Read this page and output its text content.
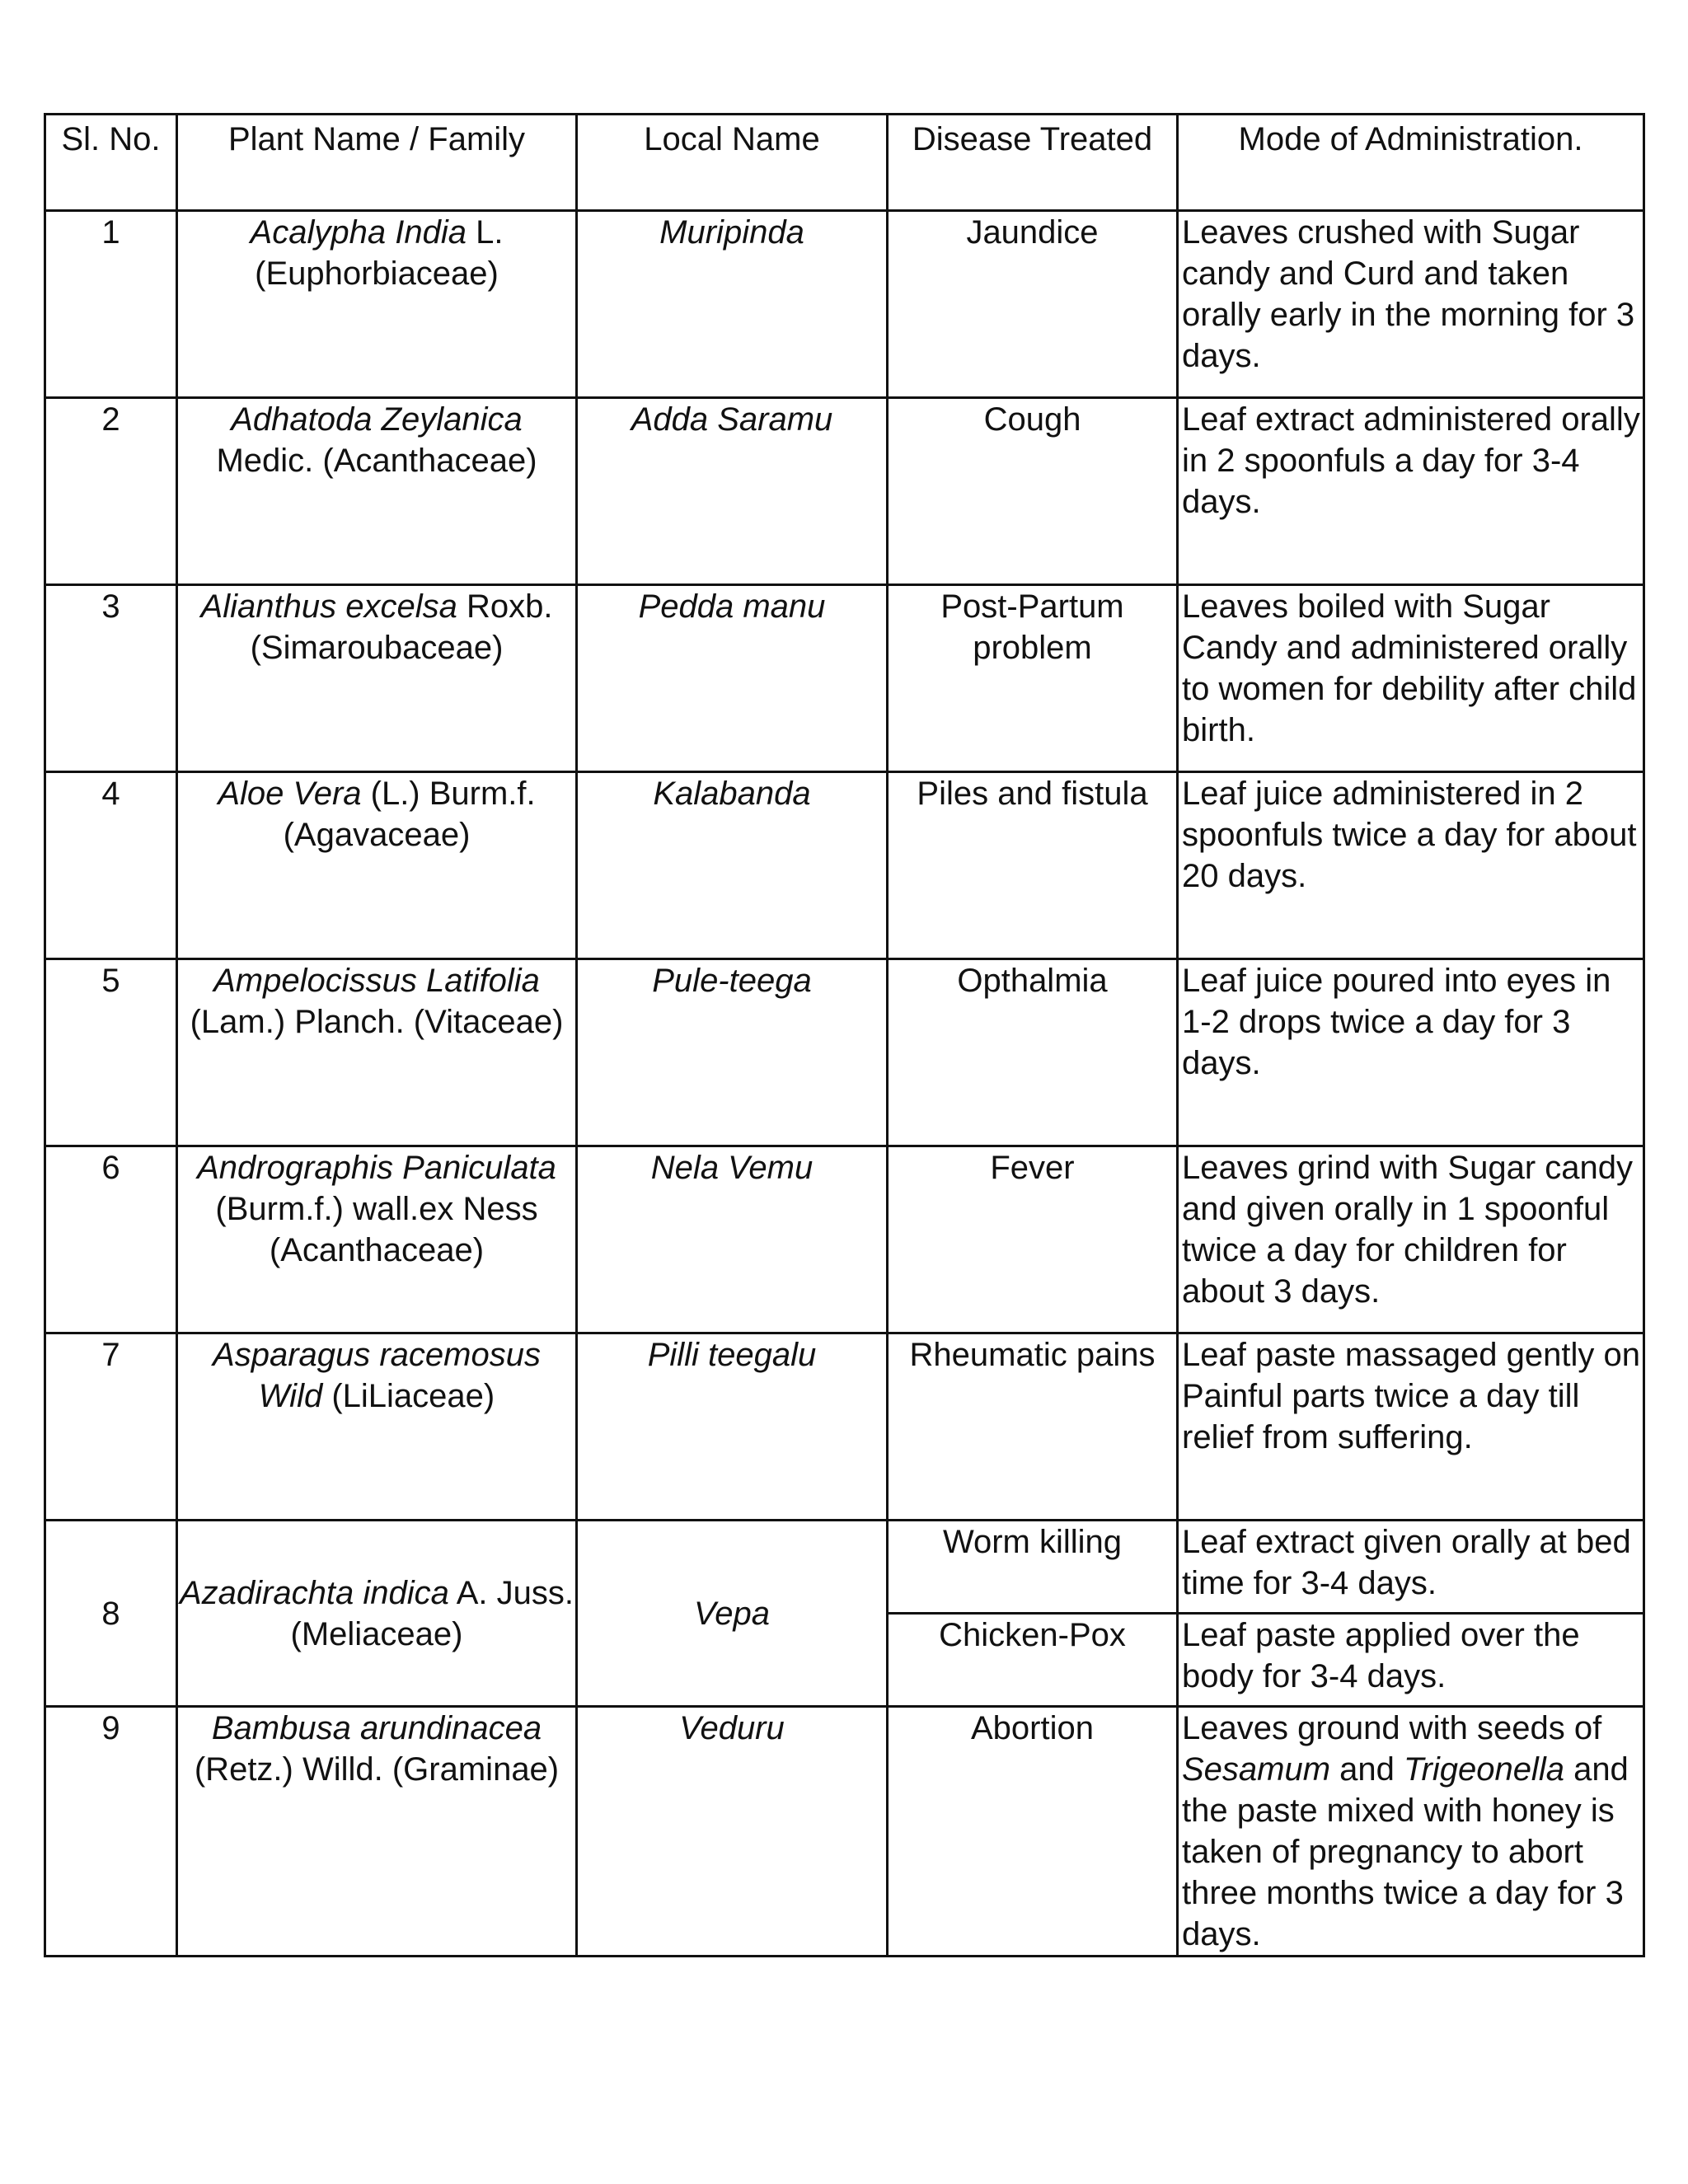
Sl. No.	Plant Name / Family	Local Name	Disease Treated	Mode of Administration.
1	Acalypha India L. (Euphorbiaceae)	Muripinda	Jaundice	Leaves crushed with Sugar candy and Curd and taken orally early in the morning for 3 days.
2	Adhatoda Zeylanica Medic. (Acanthaceae)	Adda Saramu	Cough	Leaf extract administered orally in 2 spoonfuls a day for 3-4 days.
3	Alianthus excelsa Roxb. (Simaroubaceae)	Pedda manu	Post-Partum problem	Leaves boiled with Sugar Candy and administered orally to women for debility after child birth.
4	Aloe Vera (L.) Burm.f. (Agavaceae)	Kalabanda	Piles and fistula	Leaf juice administered in 2 spoonfuls twice a day for about 20 days.
5	Ampelocissus Latifolia (Lam.) Planch. (Vitaceae)	Pule-teega	Opthalmia	Leaf juice poured into eyes in 1-2 drops twice a day for 3 days.
6	Andrographis Paniculata (Burm.f.) wall.ex Ness (Acanthaceae)	Nela Vemu	Fever	Leaves grind with Sugar candy and given orally in 1 spoonful twice a day for children for about 3 days.
7	Asparagus racemosus Wild (LiLiaceae)	Pilli teegalu	Rheumatic pains	Leaf paste massaged gently on Painful parts twice a day till relief from suffering.
8	Azadirachta indica A. Juss. (Meliaceae)	Vepa	Worm killing	Leaf extract given orally at bed time for 3-4 days.
			Chicken-Pox	Leaf paste applied over the body for 3-4 days.
9	Bambusa arundinacea (Retz.) Willd. (Graminae)	Veduru	Abortion	Leaves ground with seeds of Sesamum and Trigeonella and the paste mixed with honey is taken of pregnancy to abort three months twice a day for 3 days.
